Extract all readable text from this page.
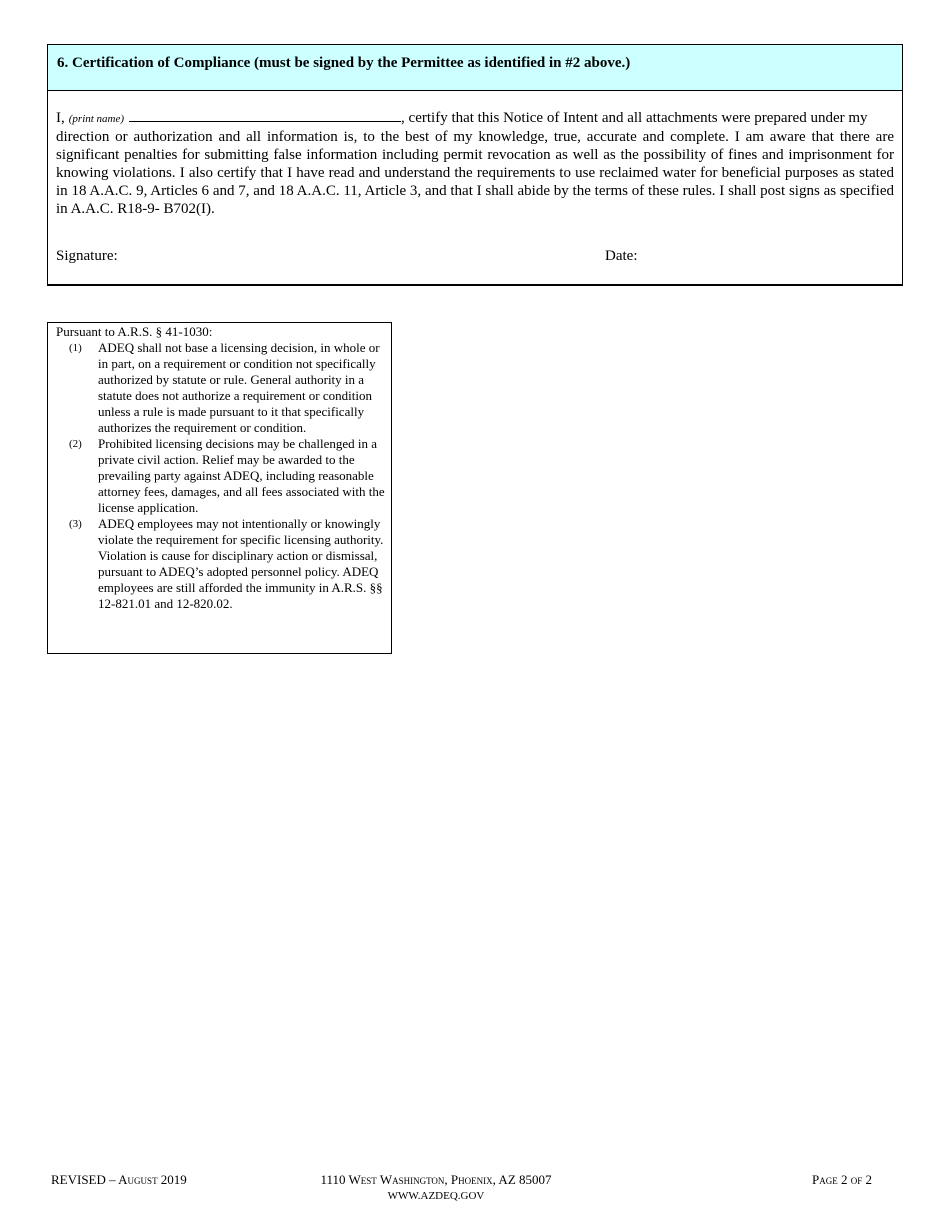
6. Certification of Compliance (must be signed by the Permittee as identified in #2 above.)
I, (print name)	, certify that this Notice of Intent and all attachments were prepared under my
direction or authorization and all information is, to the best of my knowledge, true, accurate and complete. I am aware that there are significant penalties for submitting false information including permit revocation as well as the possibility of fines and imprisonment for knowing violations. I also certify that I have read and understand the requirements to use reclaimed water for beneficial purposes as stated in 18 A.A.C. 9, Articles 6 and 7, and 18 A.A.C. 11, Article 3, and that I shall abide by the terms of these rules. I shall post signs as specified in A.A.C. R18-9- B702(I).
Signature:	Date:
Pursuant to A.R.S. § 41-1030:
(1)	ADEQ shall not base a licensing decision, in whole or in part, on a requirement or condition not specifically authorized by statute or rule. General authority in a statute does not authorize a requirement or condition unless a rule is made pursuant to it that specifically authorizes the requirement or condition.
(2)	Prohibited licensing decisions may be challenged in a private civil action. Relief may be awarded to the prevailing party against ADEQ, including reasonable attorney fees, damages, and all fees associated with the license application.
(3)	ADEQ employees may not intentionally or knowingly violate the requirement for specific licensing authority. Violation is cause for disciplinary action or dismissal, pursuant to ADEQ’s adopted personnel policy. ADEQ employees are still afforded the immunity in A.R.S. §§ 12-821.01 and 12-820.02.
REVISED – August 2019	1110 West Washington, Phoenix, AZ 85007
WWW.AZDEQ.GOV
Page 2 of 2
